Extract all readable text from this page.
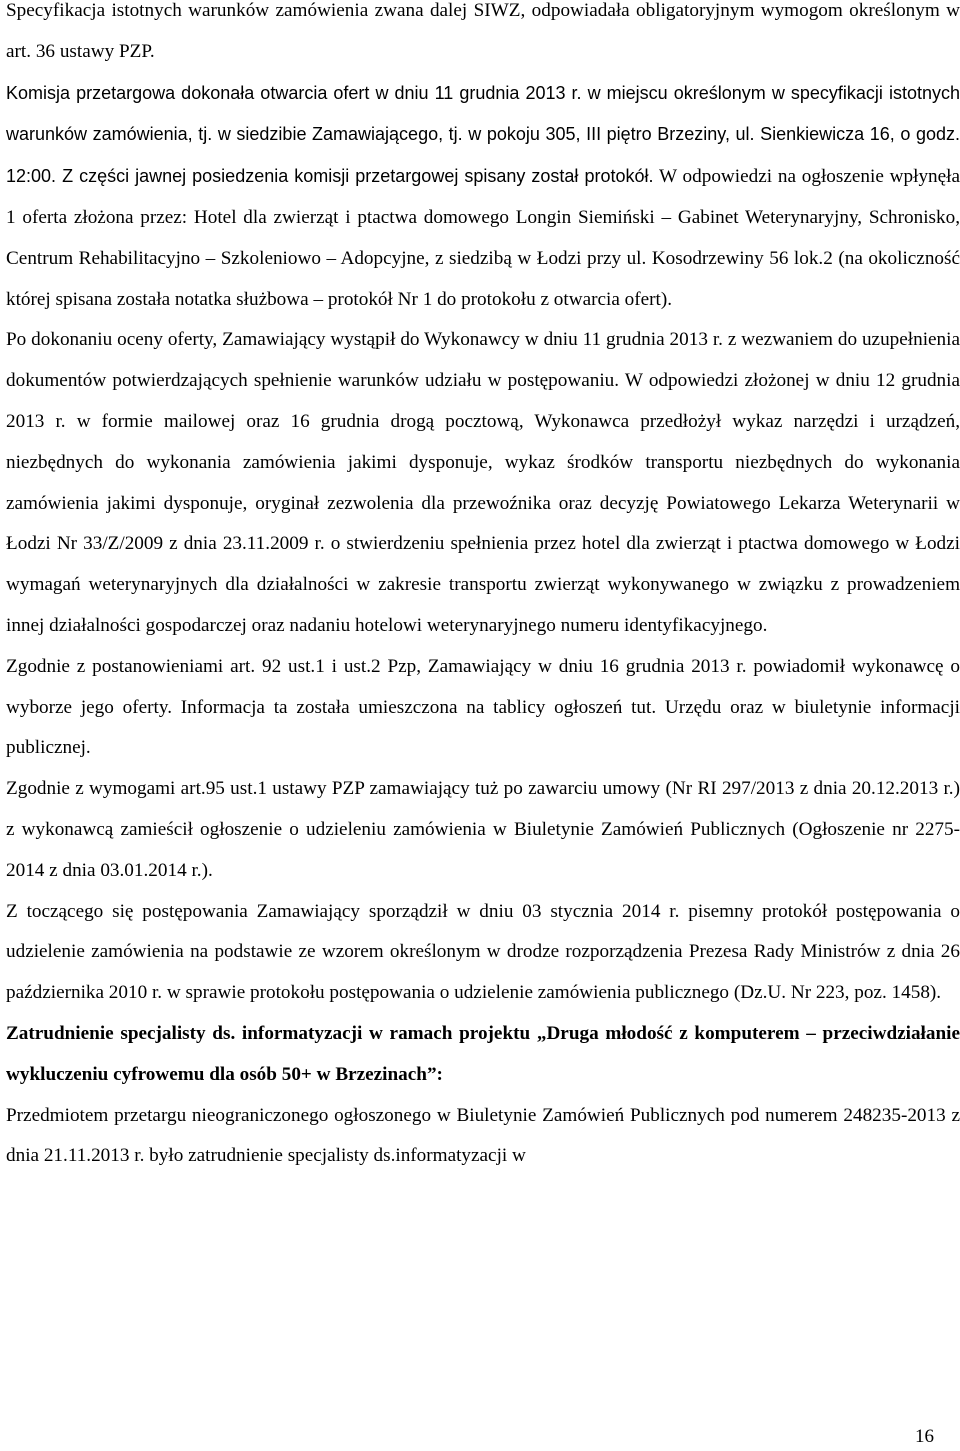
Specyfikacja istotnych warunków zamówienia zwana dalej SIWZ, odpowiadała obligatoryjnym wymogom określonym w art. 36 ustawy PZP.

Komisja przetargowa dokonała otwarcia ofert w dniu 11 grudnia 2013 r. w miejscu określonym w specyfikacji istotnych warunków zamówienia, tj. w siedzibie Zamawiającego, tj. w pokoju 305, III piętro Brzeziny, ul. Sienkiewicza 16, o godz. 12:00. Z części jawnej posiedzenia komisji przetargowej spisany został protokół. W odpowiedzi na ogłoszenie wpłynęła 1 oferta złożona przez: Hotel dla zwierząt i ptactwa domowego Longin Siemiński – Gabinet Weterynaryjny, Schronisko, Centrum Rehabilitacyjno – Szkoleniowo – Adopcyjne, z siedzibą w Łodzi przy ul. Kosodrzewiny 56 lok.2 (na okoliczność której spisana została notatka służbowa – protokół Nr 1 do protokołu z otwarcia ofert).

Po dokonaniu oceny oferty, Zamawiający wystąpił do Wykonawcy w dniu 11 grudnia 2013 r. z wezwaniem do uzupełnienia dokumentów potwierdzających spełnienie warunków udziału w postępowaniu. W odpowiedzi złożonej w dniu 12 grudnia 2013 r. w formie mailowej oraz 16 grudnia drogą pocztową, Wykonawca przedłożył wykaz narzędzi i urządzeń, niezbędnych do wykonania zamówienia jakimi dysponuje, wykaz środków transportu niezbędnych do wykonania zamówienia jakimi dysponuje, oryginał zezwolenia dla przewoźnika oraz decyzję Powiatowego Lekarza Weterynarii w Łodzi Nr 33/Z/2009 z dnia 23.11.2009 r. o stwierdzeniu spełnienia przez hotel dla zwierząt i ptactwa domowego w Łodzi wymagań weterynaryjnych dla działalności w zakresie transportu zwierząt wykonywanego w związku z prowadzeniem innej działalności gospodarczej oraz nadaniu hotelowi weterynaryjnego numeru identyfikacyjnego.

Zgodnie z postanowieniami art. 92 ust.1 i ust.2 Pzp, Zamawiający w dniu 16 grudnia 2013 r. powiadomił wykonawcę o wyborze jego oferty. Informacja ta została umieszczona na tablicy ogłoszeń tut. Urzędu oraz w biuletynie informacji publicznej.

Zgodnie z wymogami art.95 ust.1 ustawy PZP zamawiający tuż po zawarciu umowy (Nr RI 297/2013 z dnia 20.12.2013 r.) z wykonawcą zamieścił ogłoszenie o udzieleniu zamówienia w Biuletynie Zamówień Publicznych (Ogłoszenie nr 2275-2014 z dnia 03.01.2014 r.).

Z toczącego się postępowania Zamawiający sporządził w dniu 03 stycznia 2014 r. pisemny protokół postępowania o udzielenie zamówienia na podstawie ze wzorem określonym w drodze rozporządzenia Prezesa Rady Ministrów z dnia 26 października 2010 r. w sprawie protokołu postępowania o udzielenie zamówienia publicznego (Dz.U. Nr 223, poz. 1458).

Zatrudnienie specjalisty ds. informatyzacji w ramach projektu „Druga młodość z komputerem – przeciwdziałanie wykluczeniu cyfrowemu dla osób 50+ w Brzezinach”:

Przedmiotem przetargu nieograniczonego ogłoszonego w Biuletynie Zamówień Publicznych pod numerem 248235-2013 z dnia 21.11.2013 r. było zatrudnienie specjalisty ds.informatyzacji w

16
